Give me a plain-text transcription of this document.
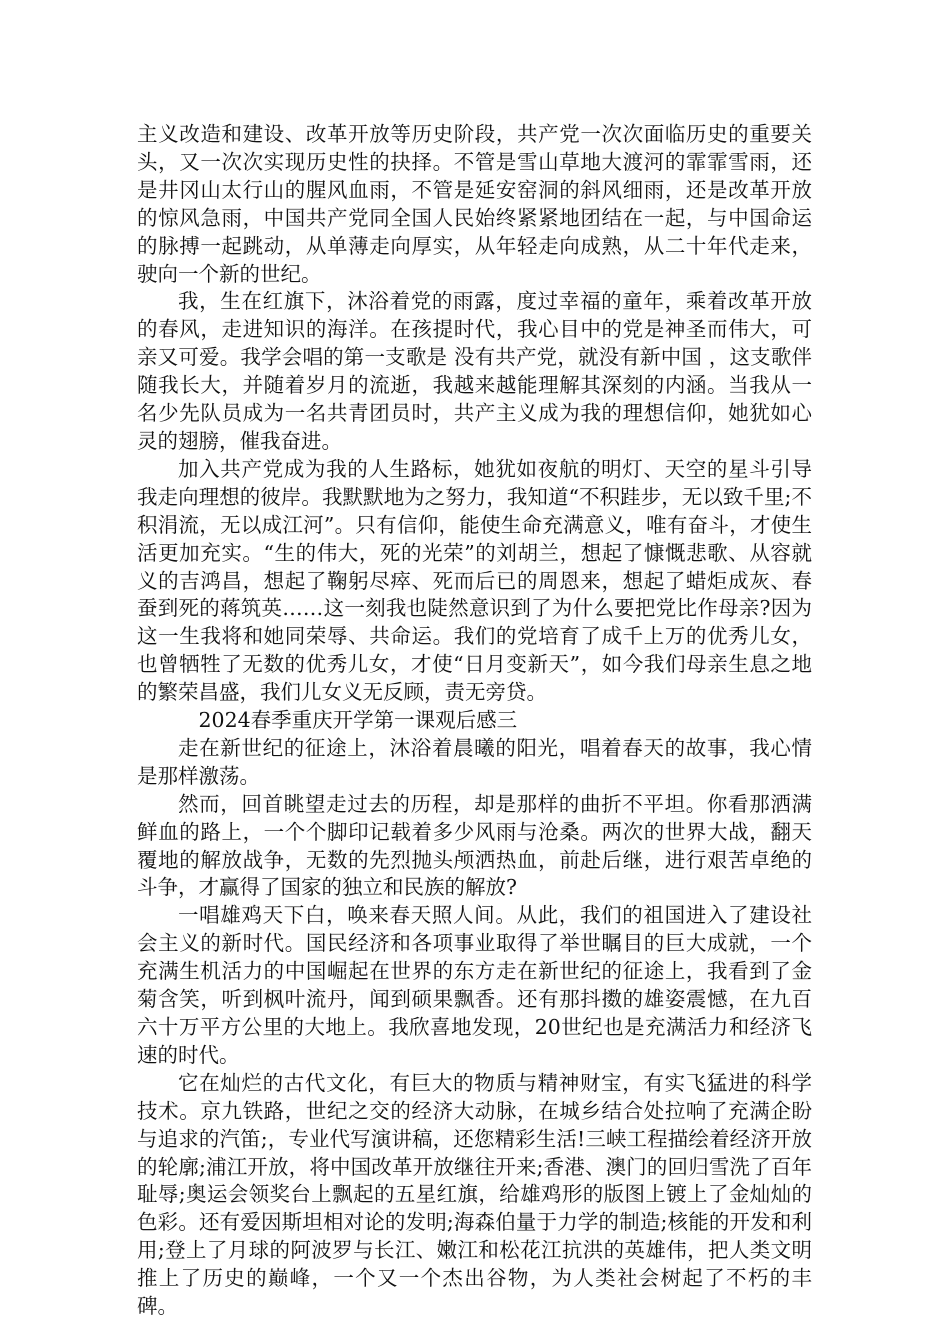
主义改造和建设、改革开放等历史阶段，共产党一次次面临历史的重要关头，又一次次实现历史性的抉择。不管是雪山草地大渡河的霏霏雪雨，还是井冈山太行山的腥风血雨，不管是延安窑洞的斜风细雨，还是改革开放的惊风急雨，中国共产党同全国人民始终紧紧地团结在一起，与中国命运的脉搏一起跳动，从单薄走向厚实，从年轻走向成熟，从二十年代走来，驶向一个新的世纪。

我，生在红旗下，沐浴着党的雨露，度过幸福的童年，乘着改革开放的春风，走进知识的海洋。在孩提时代，我心目中的党是神圣而伟大，可亲又可爱。我学会唱的第一支歌是 没有共产党，就没有新中国 ，这支歌伴随我长大，并随着岁月的流逝，我越来越能理解其深刻的内涵。当我从一名少先队员成为一名共青团员时，共产主义成为我的理想信仰，她犹如心灵的翅膀，催我奋进。

加入共产党成为我的人生路标，她犹如夜航的明灯、天空的星斗引导我走向理想的彼岸。我默默地为之努力，我知道“不积跬步，无以致千里;不积涓流，无以成江河”。只有信仰，能使生命充满意义，唯有奋斗，才使生活更加充实。“生的伟大，死的光荣”的刘胡兰，想起了慷慨悲歌、从容就义的吉鸿昌，想起了鞠躬尽瘁、死而后已的周恩来，想起了蜡炬成灰、春蚕到死的蒋筑英……这一刻我也陡然意识到了为什么要把党比作母亲?因为这一生我将和她同荣辱、共命运。我们的党培育了成千上万的优秀儿女，也曾牺牲了无数的优秀儿女，才使“日月变新天”，如今我们母亲生息之地的繁荣昌盛，我们儿女义无反顾，责无旁贷。

2024春季重庆开学第一课观后感三

走在新世纪的征途上，沐浴着晨曦的阳光，唱着春天的故事，我心情是那样激荡。

然而，回首眺望走过去的历程，却是那样的曲折不平坦。你看那洒满鲜血的路上，一个个脚印记载着多少风雨与沧桑。两次的世界大战，翻天覆地的解放战争，无数的先烈抛头颅洒热血，前赴后继，进行艰苦卓绝的斗争，才赢得了国家的独立和民族的解放?

一唱雄鸡天下白，唤来春天照人间。从此，我们的祖国进入了建设社会主义的新时代。国民经济和各项事业取得了举世瞩目的巨大成就，一个充满生机活力的中国崛起在世界的东方走在新世纪的征途上，我看到了金菊含笑，听到枫叶流丹，闻到硕果飘香。还有那抖擞的雄姿震憾，在九百六十万平方公里的大地上。我欣喜地发现，20世纪也是充满活力和经济飞速的时代。

它在灿烂的古代文化，有巨大的物质与精神财宝，有实飞猛进的科学技术。京九铁路，世纪之交的经济大动脉，在城乡结合处拉响了充满企盼与追求的汽笛;，专业代写演讲稿，还您精彩生活!三峡工程描绘着经济开放的轮廓;浦江开放，将中国改革开放继往开来;香港、澳门的回归雪洗了百年耻辱;奥运会领奖台上飘起的五星红旗，给雄鸡形的版图上镀上了金灿灿的色彩。还有爱因斯坦相对论的发明;海森伯量于力学的制造;核能的开发和利用;登上了月球的阿波罗与长江、嫩江和松花江抗洪的英雄伟，把人类文明推上了历史的巅峰，一个又一个杰出谷物，为人类社会树起了不朽的丰碑。
